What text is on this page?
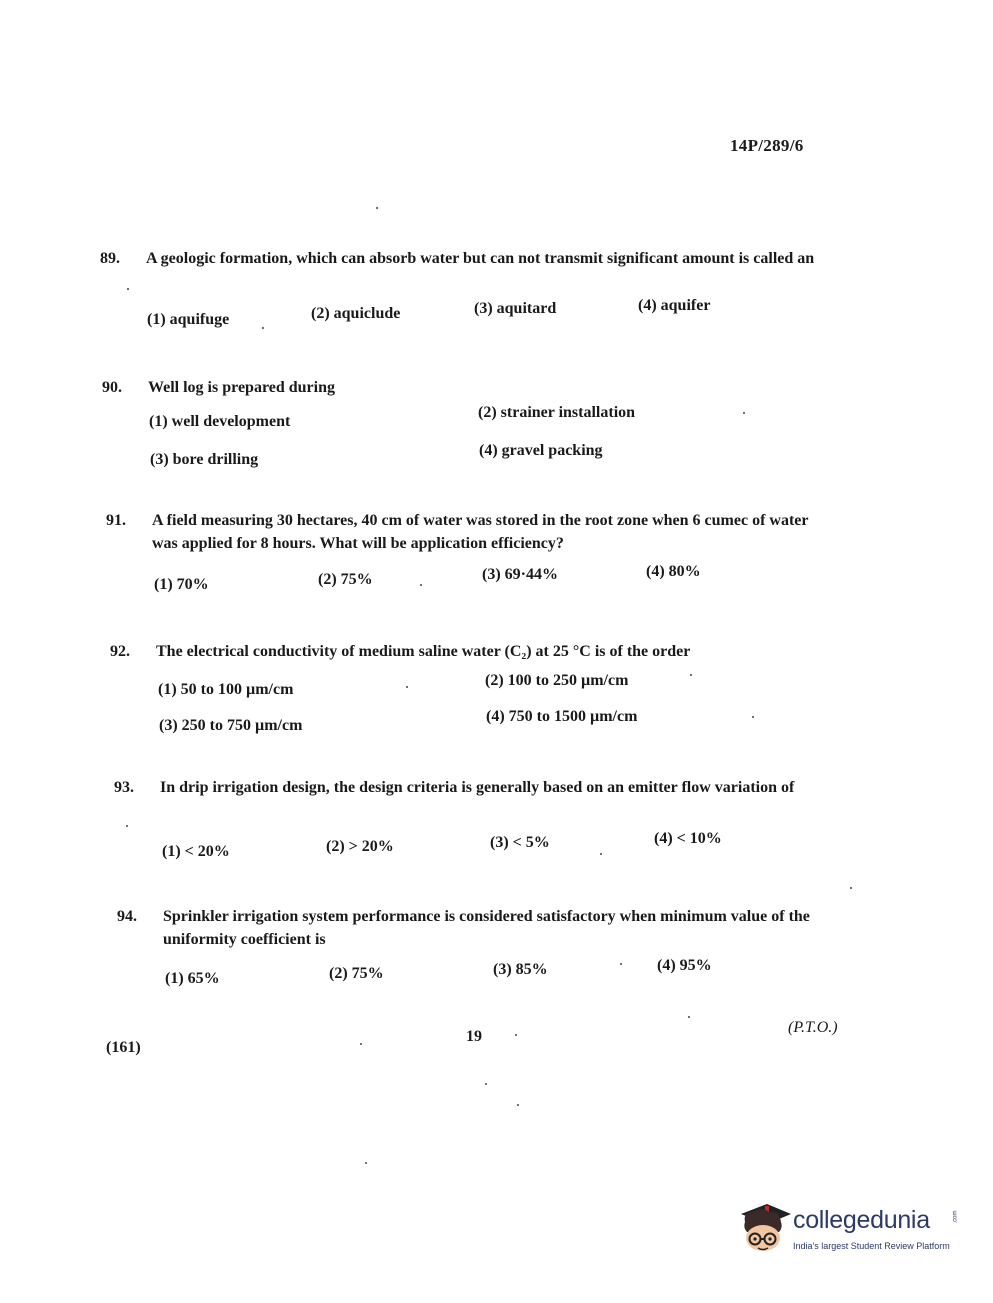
14P/289/6
89. A geologic formation, which can absorb water but can not transmit significant amount is called an
(1) aquifuge	(2) aquiclude	(3) aquitard	(4) aquifer
90. Well log is prepared during
(1) well development
(2) strainer installation
(3) bore drilling
(4) gravel packing
91. A field measuring 30 hectares, 40 cm of water was stored in the root zone when 6 cumec of water was applied for 8 hours. What will be application efficiency?
(1) 70%	(2) 75%	(3) 69·44%	(4) 80%
92. The electrical conductivity of medium saline water (C₂) at 25 °C is of the order
(1) 50 to 100 µm/cm
(2) 100 to 250 µm/cm
(3) 250 to 750 µm/cm
(4) 750 to 1500 µm/cm
93. In drip irrigation design, the design criteria is generally based on an emitter flow variation of
(1) < 20%	(2) > 20%	(3) < 5%	(4) < 10%
94. Sprinkler irrigation system performance is considered satisfactory when minimum value of the uniformity coefficient is
(1) 65%	(2) 75%	(3) 85%	(4) 95%
(161)
19
(P.T.O.)
collegedunia	.com
India's largest Student Review Platform
